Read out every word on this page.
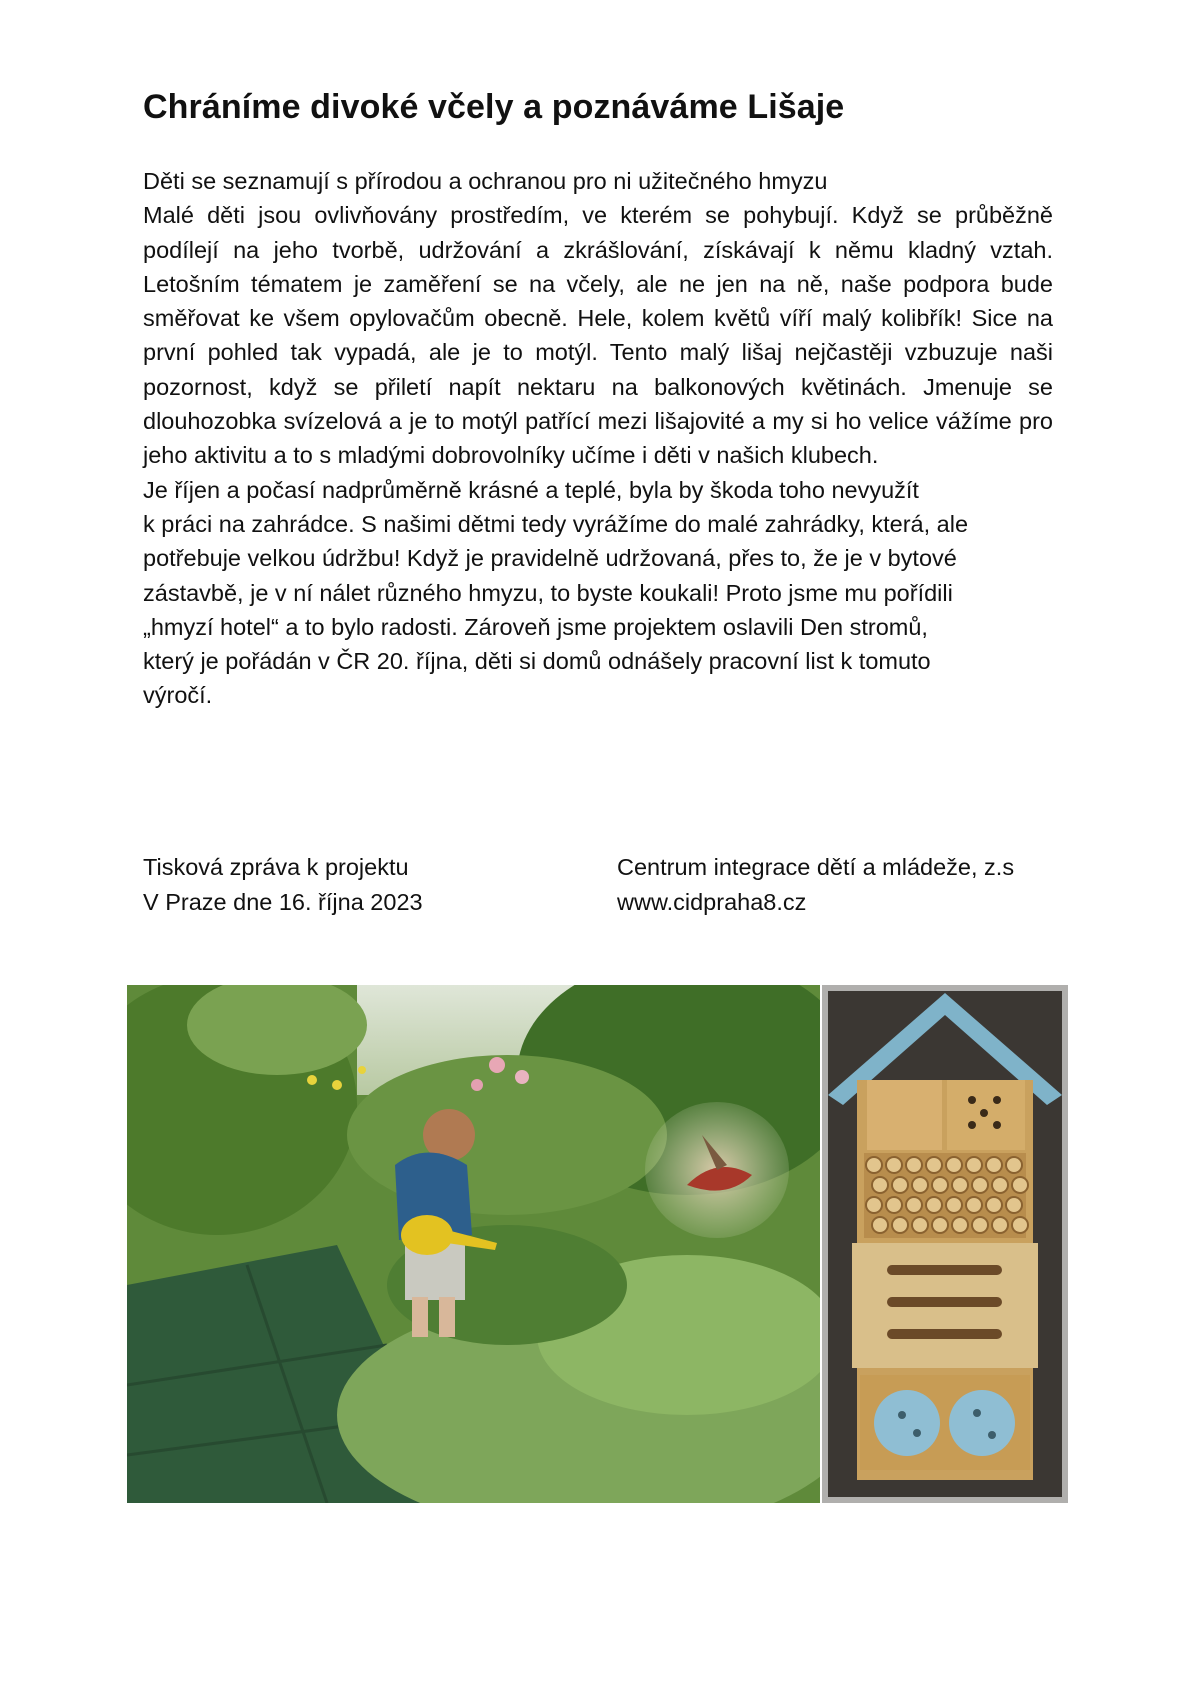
Chráníme divoké včely a poznáváme Lišaje
Děti se seznamují s přírodou a ochranou pro ni užitečného hmyzu
Malé děti jsou ovlivňovány prostředím, ve kterém se pohybují. Když se průběžně podílejí na jeho tvorbě, udržování a zkrášlování, získávají k němu kladný vztah. Letošním tématem je zaměření se na včely, ale ne jen na ně, naše podpora bude směřovat ke všem opylovačům obecně. Hele, kolem květů víří malý kolibřík! Sice na první pohled tak vypadá, ale je to motýl. Tento malý lišaj nejčastěji vzbuzuje naši pozornost, když se přiletí napít nektaru na balkonových květinách. Jmenuje se dlouhozobka svízelová a je to motýl patřící mezi lišajovité a my si ho velice vážíme pro jeho aktivitu a to s mladými dobrovolníky učíme i děti v našich klubech.
Je říjen a počasí nadprůměrně krásné a teplé, byla by škoda toho nevyužít
k práci na zahrádce. S našimi dětmi tedy vyrážíme do malé zahrádky, která, ale
potřebuje velkou údržbu! Když je pravidelně udržovaná, přes to, že je v bytové
zástavbě, je v ní nálet různého hmyzu, to byste koukali! Proto jsme mu pořídili
„hmyzí hotel“ a to bylo radosti. Zároveň jsme projektem oslavili Den stromů,
který je pořádán v ČR 20. října, děti si domů odnášely pracovní list k tomuto
výročí.
Tisková zpráva k projektu
V Praze dne 16. října 2023
Centrum integrace dětí a mládeže, z.s
www.cidpraha8.cz
